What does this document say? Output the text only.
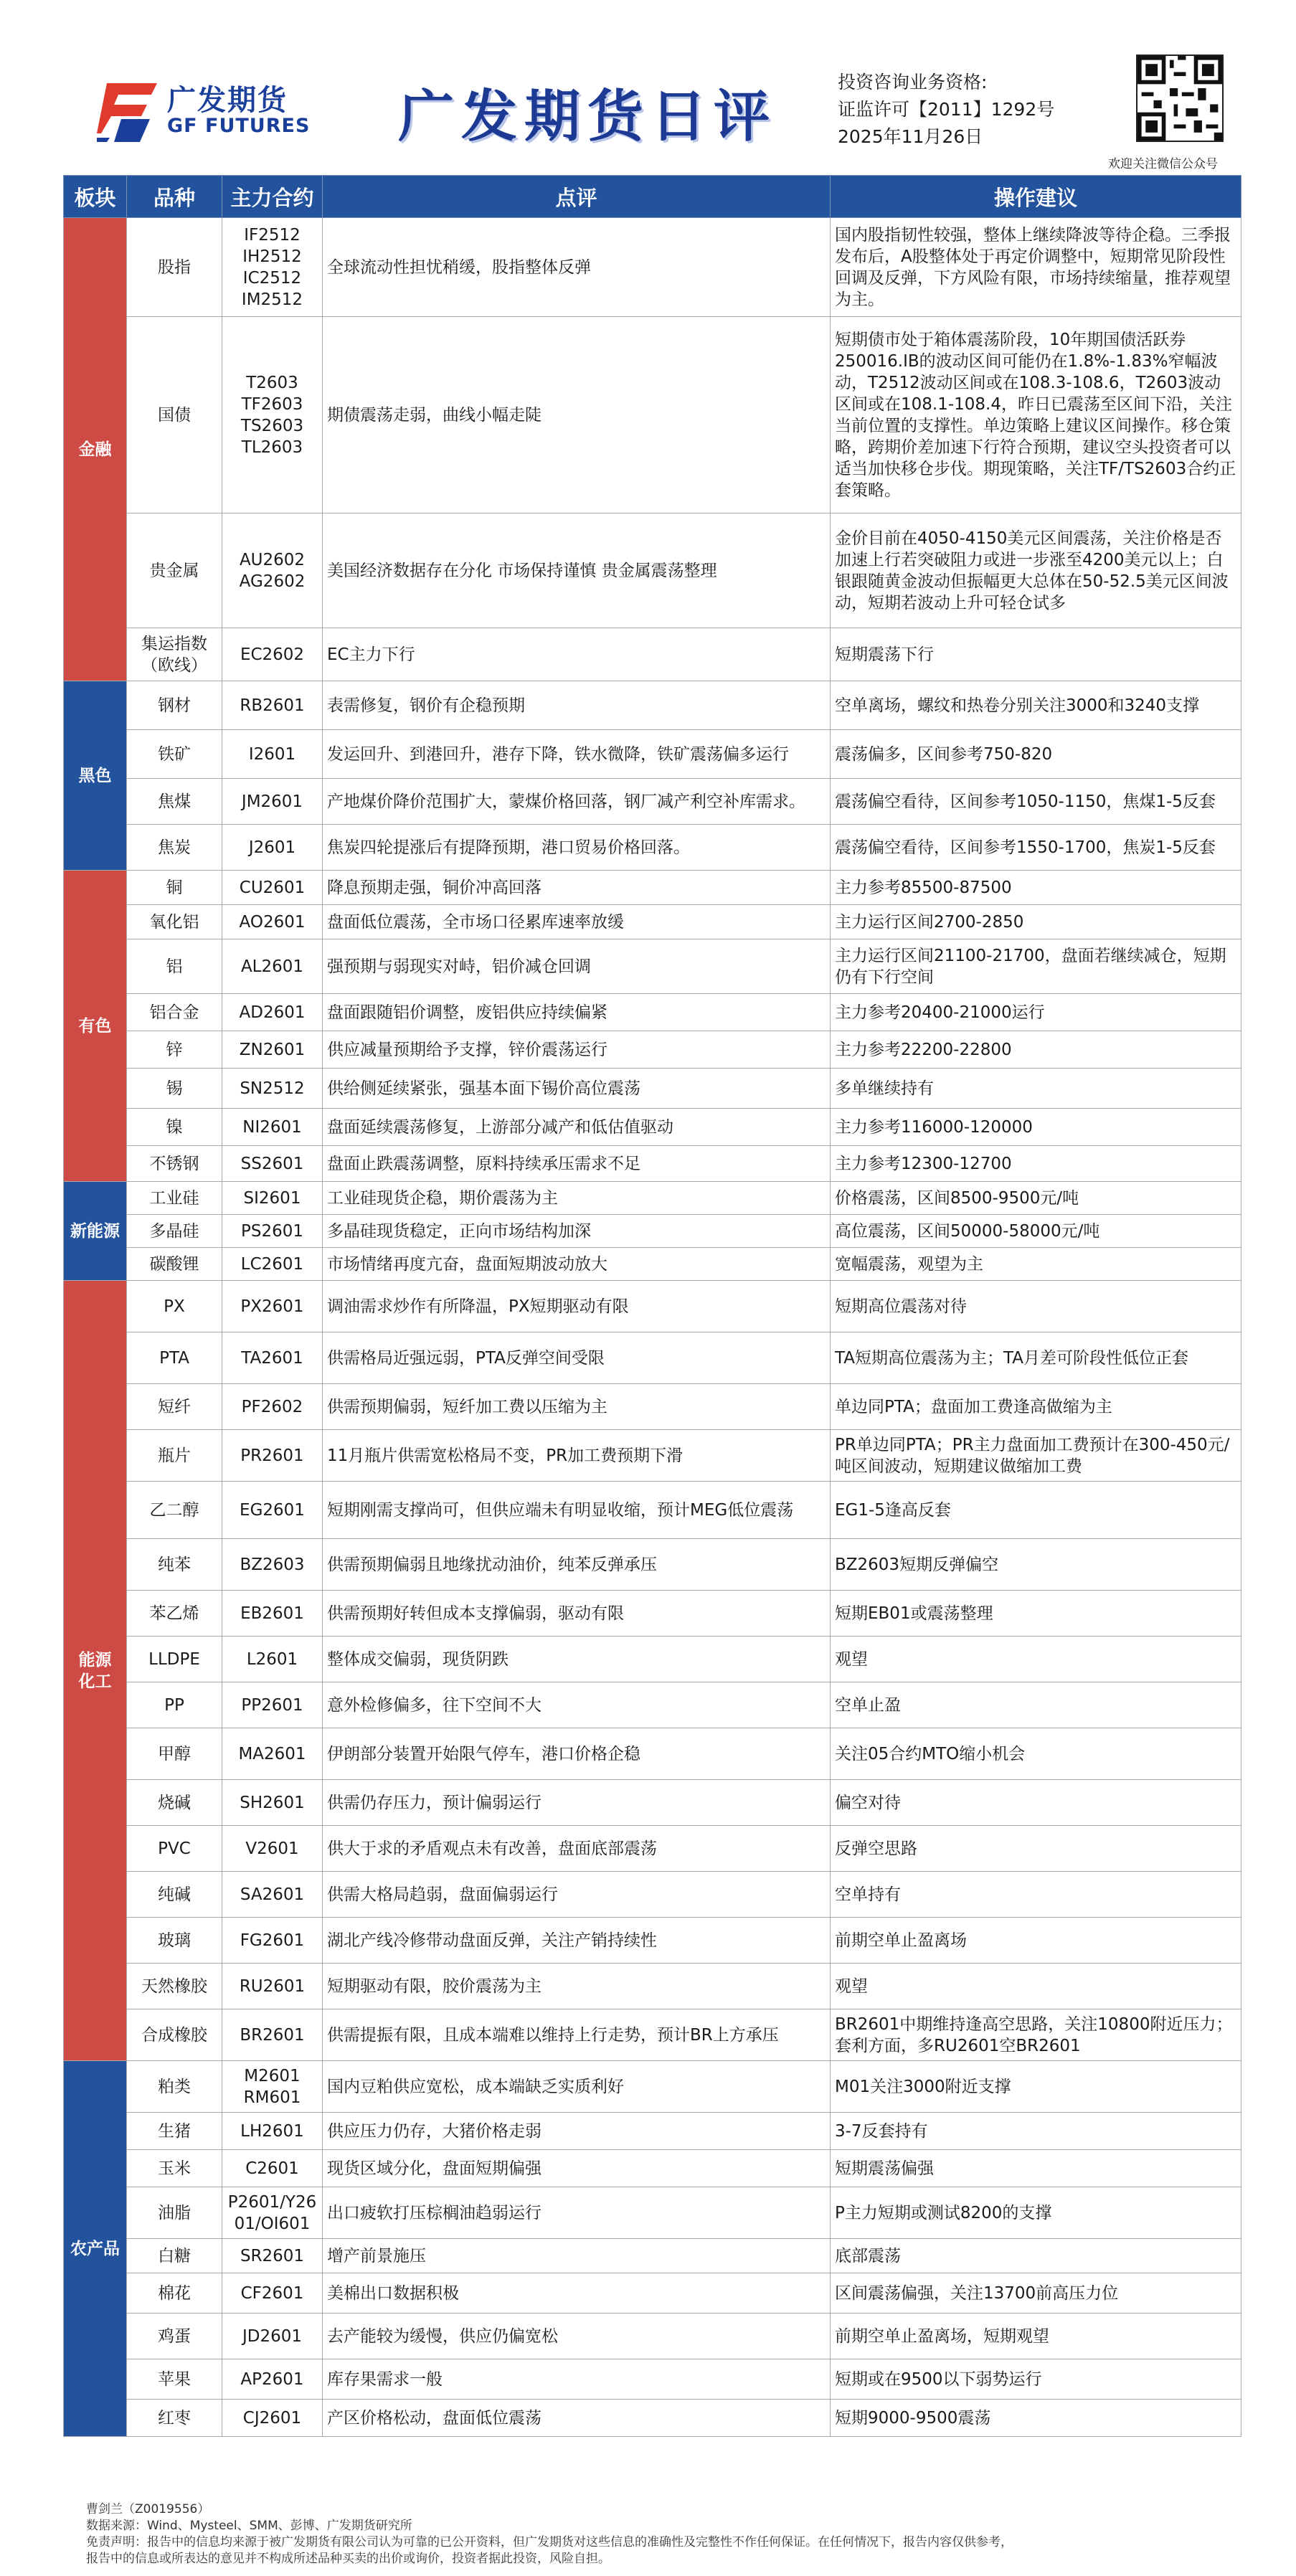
广发期货
GF FUTURES 广发期货日评
投资咨询业务资格:
证监许可【2011】1292号
2025年11月26日
欢迎关注微信公众号
板块	品种	主力合约	点评	操作建议
金融	股指	IF2512
IH2512
IC2512
IM2512	全球流动性担忧稍缓，股指整体反弹	国内股指韧性较强，整体上继续降波等待企稳。三季报发布后，A股整体处于再定价调整中，短期常见阶段性回调及反弹，下方风险有限，市场持续缩量，推荐观望为主。
	国债	T2603
TF2603
TS2603
TL2603	期债震荡走弱，曲线小幅走陡	短期债市处于箱体震荡阶段，10年期国债活跃券250016.IB的波动区间可能仍在1.8%-1.83%窄幅波动，T2512波动区间或在108.3-108.6，T2603波动区间或在108.1-108.4，昨日已震荡至区间下沿，关注当前位置的支撑性。单边策略上建议区间操作。移仓策略，跨期价差加速下行符合预期，建议空头投资者可以适当加快移仓步伐。期现策略，关注TF/TS2603合约正套策略。
	贵金属	AU2602
AG2602	美国经济数据存在分化 市场保持谨慎 贵金属震荡整理	金价目前在4050-4150美元区间震荡，关注价格是否加速上行若突破阻力或进一步涨至4200美元以上；白银跟随黄金波动但振幅更大总体在50-52.5美元区间波动，短期若波动上升可轻仓试多
	集运指数
（欧线）	EC2602	EC主力下行	短期震荡下行
黑色	钢材	RB2601	表需修复，钢价有企稳预期	空单离场，螺纹和热卷分别关注3000和3240支撑
	铁矿	I2601	发运回升、到港回升，港存下降，铁水微降，铁矿震荡偏多运行	震荡偏多，区间参考750-820
	焦煤	JM2601	产地煤价降价范围扩大，蒙煤价格回落，钢厂减产利空补库需求。	震荡偏空看待，区间参考1050-1150，焦煤1-5反套
	焦炭	J2601	焦炭四轮提涨后有提降预期，港口贸易价格回落。	震荡偏空看待，区间参考1550-1700，焦炭1-5反套
有色	铜	CU2601	降息预期走强，铜价冲高回落	主力参考85500-87500
	氧化铝	AO2601	盘面低位震荡，全市场口径累库速率放缓	主力运行区间2700-2850
	铝	AL2601	强预期与弱现实对峙，铝价减仓回调	主力运行区间21100-21700，盘面若继续减仓，短期仍有下行空间
	铝合金	AD2601	盘面跟随铝价调整，废铝供应持续偏紧	主力参考20400-21000运行
	锌	ZN2601	供应减量预期给予支撑，锌价震荡运行	主力参考22200-22800
	锡	SN2512	供给侧延续紧张，强基本面下锡价高位震荡	多单继续持有
	镍	NI2601	盘面延续震荡修复，上游部分减产和低估值驱动	主力参考116000-120000
	不锈钢	SS2601	盘面止跌震荡调整，原料持续承压需求不足	主力参考12300-12700
新能源	工业硅	SI2601	工业硅现货企稳，期价震荡为主	价格震荡，区间8500-9500元/吨
	多晶硅	PS2601	多晶硅现货稳定，正向市场结构加深	高位震荡，区间50000-58000元/吨
	碳酸锂	LC2601	市场情绪再度亢奋，盘面短期波动放大	宽幅震荡，观望为主
能源
化工	PX	PX2601	调油需求炒作有所降温，PX短期驱动有限	短期高位震荡对待
	PTA	TA2601	供需格局近强远弱，PTA反弹空间受限	TA短期高位震荡为主；TA月差可阶段性低位正套
	短纤	PF2602	供需预期偏弱，短纤加工费以压缩为主	单边同PTA；盘面加工费逢高做缩为主
	瓶片	PR2601	11月瓶片供需宽松格局不变，PR加工费预期下滑	PR单边同PTA；PR主力盘面加工费预计在300-450元/吨区间波动，短期建议做缩加工费
	乙二醇	EG2601	短期刚需支撑尚可，但供应端未有明显收缩，预计MEG低位震荡	EG1-5逢高反套
	纯苯	BZ2603	供需预期偏弱且地缘扰动油价，纯苯反弹承压	BZ2603短期反弹偏空
	苯乙烯	EB2601	供需预期好转但成本支撑偏弱，驱动有限	短期EB01或震荡整理
	LLDPE	L2601	整体成交偏弱，现货阴跌	观望
	PP	PP2601	意外检修偏多，往下空间不大	空单止盈
	甲醇	MA2601	伊朗部分装置开始限气停车，港口价格企稳	关注05合约MTO缩小机会
	烧碱	SH2601	供需仍存压力，预计偏弱运行	偏空对待
	PVC	V2601	供大于求的矛盾观点未有改善，盘面底部震荡	反弹空思路
	纯碱	SA2601	供需大格局趋弱，盘面偏弱运行	空单持有
	玻璃	FG2601	湖北产线冷修带动盘面反弹，关注产销持续性	前期空单止盈离场
	天然橡胶	RU2601	短期驱动有限，胶价震荡为主	观望
	合成橡胶	BR2601	供需提振有限，且成本端难以维持上行走势，预计BR上方承压	BR2601中期维持逢高空思路，关注10800附近压力；套利方面，多RU2601空BR2601
农产品	粕类	M2601
RM601	国内豆粕供应宽松，成本端缺乏实质利好	M01关注3000附近支撑
	生猪	LH2601	供应压力仍存，大猪价格走弱	3-7反套持有
	玉米	C2601	现货区域分化，盘面短期偏强	短期震荡偏强
	油脂	P2601/Y26
01/OI601	出口疲软打压棕榈油趋弱运行	P主力短期或测试8200的支撑
	白糖	SR2601	增产前景施压	底部震荡
	棉花	CF2601	美棉出口数据积极	区间震荡偏强，关注13700前高压力位
	鸡蛋	JD2601	去产能较为缓慢，供应仍偏宽松	前期空单止盈离场，短期观望
	苹果	AP2601	库存果需求一般	短期或在9500以下弱势运行
	红枣	CJ2601	产区价格松动，盘面低位震荡	短期9000-9500震荡
曹剑兰（Z0019556）
数据来源：Wind、Mysteel、SMM、彭博、广发期货研究所
免责声明：报告中的信息均来源于被广发期货有限公司认为可靠的已公开资料，但广发期货对这些信息的准确性及完整性不作任何保证。在任何情况下，报告内容仅供参考，
报告中的信息或所表达的意见并不构成所述品种买卖的出价或询价，投资者据此投资，风险自担。
